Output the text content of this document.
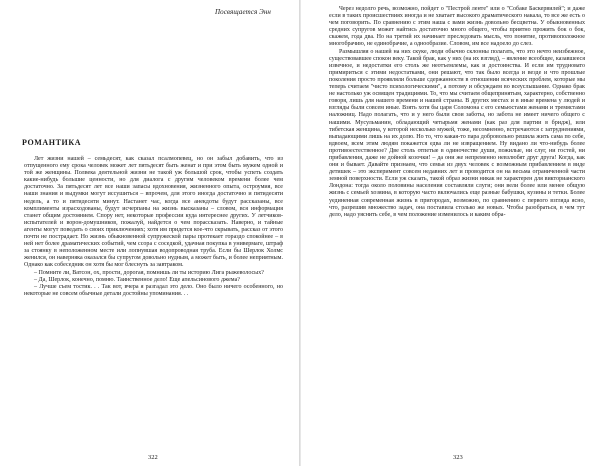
Посвящается Энн
РОМАНТИКА

Лет жизни нашей – семьдесят, как сказал псалмопевец, но он забыл добавить, что из отпущенного ему срока человек может лет пятьдесят быть женат и при этом быть мужем одной и той же женщины. Полвека деятельной жизни не такой уж большой срок, чтобы успеть создать какие-нибудь большие ценности, но для диалога с другим человеком времени более чем достаточно. За пятьдесят лет все наши запасы вдохновения, жизненного опыта, остроумия, все наши знания и выдумки могут иссушиться – впрочем, для этого иногда достаточно и пятидесяти недель, а то и пятидесяти минут. Настанет час, когда все анекдоты будут рассказаны, все комплименты израсходованы, будут исчерпаны на жизнь высказаны – словом, вся информация станет общим достоянием. Спору нет, некоторые профессии куда интереснее других. У летчиков-испытателей и ворон-домушников, пожалуй, найдется о чем порассказать. Наверно, и тайные агенты могут поведать о своих приключениях; хотя им придется кое-что скрывать, рассказ от этого почти не пострадает. Но жизнь обыкновенной супружеской пары протекает гораздо спокойнее – в ней нет более драматических событий, чем ссора с соседкой, удачная покупка в универмаге, штраф за стоянку в неположенном месте или лопнувшая водопроводная труба. Если бы Шерлок Холмс женился, он наверняка оказался бы супругом довольно нудным, а может быть, и более неприятным. Однако как собеседник он хотя бы мог блеснуть за завтраком.

– Помните ли, Ватсон, ох, прости, дорогая, помнишь ли ты историю Лига рыжеволосых?

– Да, Шерлок, конечно, помню. Таинственное дело! Еще апельсинового джема?

– Лучше съем тостик. . . Так вот, вчера я разгадал это дело. Оно было ничего особенного, но некоторые не совсем обычные детали достойны упоминания. . .

322

Через недолго речь, возможно, пойдет о "Пестрой ленте" или о "Собаке Баскервилей"; и даже если в таких происшествиях иногда и не хватает высокого драматического накала, то все же есть о чем поговорить. По сравнению с этим наша с вами жизнь довольно бесцветна. У обыкновенных средних супругов может найтись достаточно много общего, чтобы приятно прожить бок о бок, скажем, года два. Но на третий их начинает преследовать мысль, что понятие, противоположное многобрачию, не единобрачие, а однообразие. Словом, им все надоело до слез.

Размышляя о нашей на них скуке, люди обычно склонны полагать, что это нечто неизбежное, существовавшее спокон веку. Такой брак, как у них (на их взгляд), – явление всеобщее, казавшееся извечное, и недостатки его столь же неотъемлемы, как и достоинства. И если им трудновато примириться с этими недостатками, они решают, что так было всегда и везде и что прошлые поколения просто проявляли больше сдержанности в отношении всяческих проблем, которые мы теперь считаем "чисто психологическими", а потому и обсуждаем во всеуслышание. Однако брак не настолько уж освящен традициями. То, что мы считаем общепринятым, характерно, собственно говоря, лишь для нашего времени и нашей страны. В других местах и в иные времена у людей и взгляды были совсем иные. Взять хотя бы царя Соломона с его семьюстами женами и тремястами наложниц. Надо полагать, что и у него были свои заботы, но забота не имеет ничего общего с нашими. Мусульманин, обладающий четырьмя женами (как раз для партии в бридж), или тибетская женщина, у которой несколько мужей, тоже, несомненно, встречаются с затруднениями, выпадающими лишь на их долю. Но то, что какая-то пара добровольно решила жить сама по себе, вдвоем, всем этим людям покажется едва ли не извращением. Ну видано ли что-нибудь более противоестественное? Две столь отпетые в одиночестве души, пожилые, ни слуг, ни гостей, ни прибавления, даже не дойной козочки! – да они же непременно невзлюбят друг друга! Когда, как они и бывает. Давайте признаем, что семья из двух человек с возможным прибавлением в виде детишек – это эксперимент совсем недавних лет и проводится он на весьма ограниченной части земной поверхности. Если уж сказать, такой образ жизни никак не характерен для викторианского Лондона: тогда около половины населения составляли слуги; они вели более или менее общую жизнь с семьей хозяина, в которую часто включались еще разные бабушки, кузины и тетки. Более уединенная современная жизнь в пригородах, возможно, по сравнению с первого взгляда ясно, что, разрешив множество задач, она поставила столько же новых. Чтобы разобраться, в чем тут дело, надо уяснить себе, в чем положение изменилось и каким обра-

323
